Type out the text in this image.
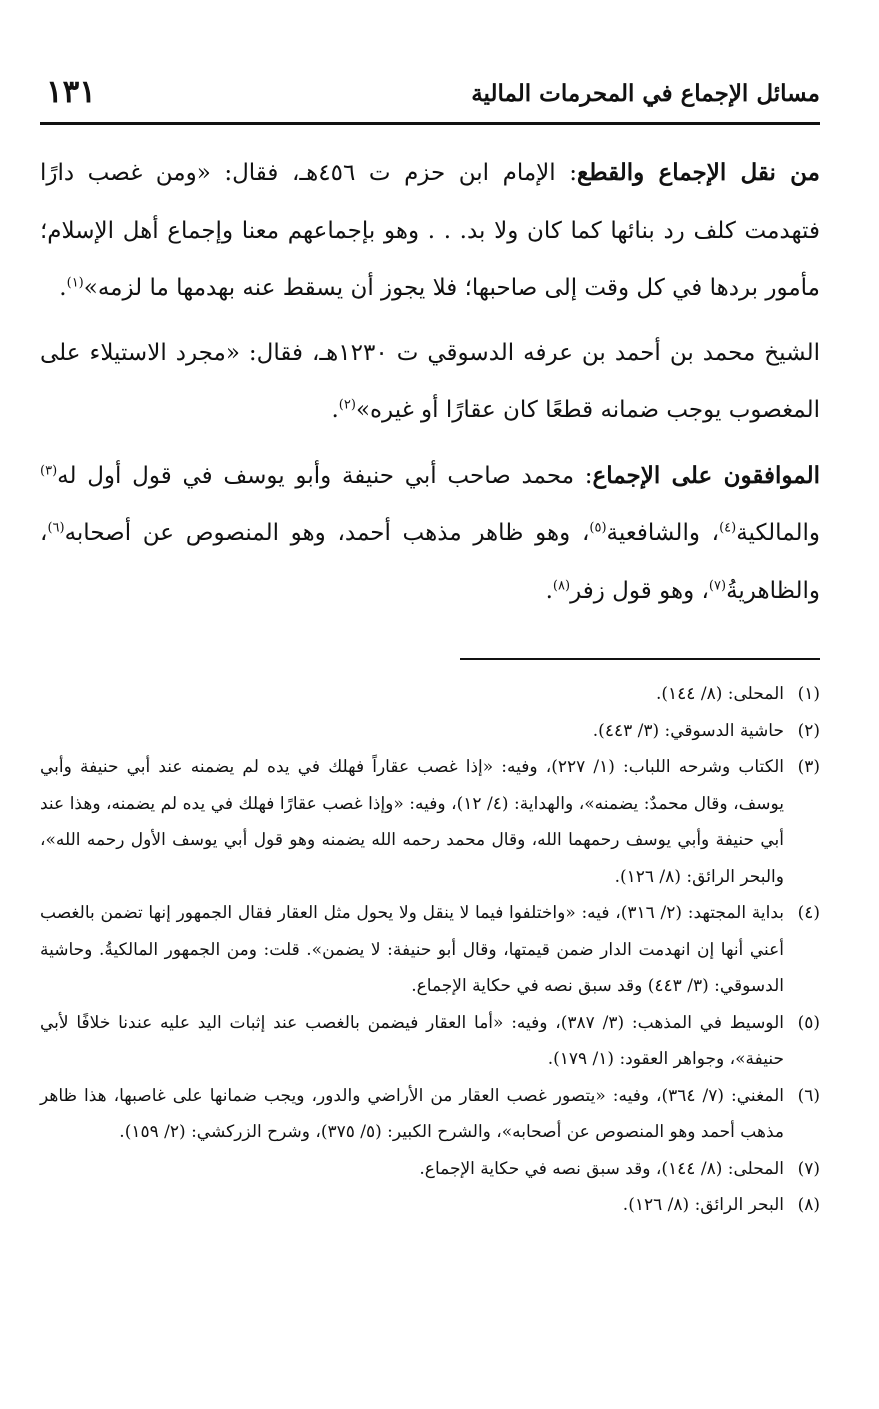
مسائل الإجماع في المحرمات المالية
١٣١

من نقل الإجماع والقطع: الإمام ابن حزم ت ٤٥٦هـ، فقال: «ومن غصب دارًا فتهدمت كلف رد بنائها كما كان ولا بد. . . وهو بإجماعهم معنا وإجماع أهل الإسلام؛ مأمور بردها في كل وقت إلى صاحبها؛ فلا يجوز أن يسقط عنه بهدمها ما لزمه»$^{(١)}$.

الشيخ محمد بن أحمد بن عرفه الدسوقي ت ١٢٣٠هـ، فقال: «مجرد الاستيلاء على المغصوب يوجب ضمانه قطعًا كان عقارًا أو غيره»$^{(٢)}$.

الموافقون على الإجماع: محمد صاحب أبي حنيفة وأبو يوسف في قول أول له$^{(٣)}$ والمالكية$^{(٤)}$، والشافعية$^{(٥)}$، وهو ظاهر مذهب أحمد، وهو المنصوص عن أصحابه$^{(٦)}$، والظاهريةُ$^{(٧)}$، وهو قول زفر$^{(٨)}$.

(١)
المحلى: (٨/ ١٤٤).
(٢)
حاشية الدسوقي: (٣/ ٤٤٣).
(٣)
الكتاب وشرحه اللباب: (١/ ٢٢٧)، وفيه: «إذا غصب عقاراً فهلك في يده لم يضمنه عند أبي حنيفة وأبي يوسف، وقال محمدٌ: يضمنه»، والهداية: (٤/ ١٢)، وفيه: «وإذا غصب عقارًا فهلك في يده لم يضمنه، وهذا عند أبي حنيفة وأبي يوسف رحمهما الله، وقال محمد رحمه الله يضمنه وهو قول أبي يوسف الأول رحمه الله»، والبحر الرائق: (٨/ ١٢٦).
(٤)
بداية المجتهد: (٢/ ٣١٦)، فيه: «واختلفوا فيما لا ينقل ولا يحول مثل العقار فقال الجمهور إنها تضمن بالغصب أعني أنها إن انهدمت الدار ضمن قيمتها، وقال أبو حنيفة: لا يضمن». قلت: ومن الجمهور المالكيةُ. وحاشية الدسوقي: (٣/ ٤٤٣) وقد سبق نصه في حكاية الإجماع.
(٥)
الوسيط في المذهب: (٣/ ٣٨٧)، وفيه: «أما العقار فيضمن بالغصب عند إثبات اليد عليه عندنا خلافًا لأبي حنيفة»، وجواهر العقود: (١/ ١٧٩).
(٦)
المغني: (٧/ ٣٦٤)، وفيه: «يتصور غصب العقار من الأراضي والدور، ويجب ضمانها على غاصبها، هذا ظاهر مذهب أحمد وهو المنصوص عن أصحابه»، والشرح الكبير: (٥/ ٣٧٥)، وشرح الزركشي: (٢/ ١٥٩).
(٧)
المحلى: (٨/ ١٤٤)، وقد سبق نصه في حكاية الإجماع.
(٨)
البحر الرائق: (٨/ ١٢٦).
